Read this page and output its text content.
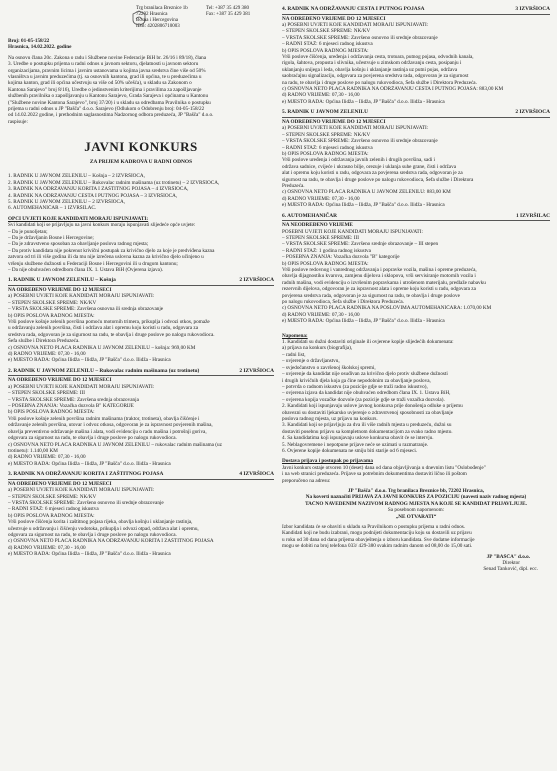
Trg branilaca Breznice 1b
72202 Hrasnica
Bosna i Hercegovina
IDB: 4202806710003
Tel: +387 35 429 380
Fax: +387 35 429 381
Broj: 01-05-158/22
Hrasnica, 14.02.2022. godine
Na osnovu člana 20c. Zakona o radu i Službene novine Federacije BiH br. 26/16 i 89/18), člana
3. Uredbe o postupku prijema u radni odnos u javnom sektoru, djelatnosti u javnom sektoru
organizacijama, pravnim licima i javnim ustanovama u kojima javna sredstva čine više od 50%
vlasništva u javnim preduzećima (tj. sa osnovnih kantona, grad ili općina, te u preduzećima u
kojima kanton, grad ili općina učestvuju sa više od 50% učešća), u skladu sa Zakonom o
Kantona Sarajevo" broj 8/16), Uredbe o jedinstvenim kriterijima i pravilima za zapošljavanje
službenih pravilnika o zapošljavanju u Kantonu Sarajevo, Grada Sarajeva i općinama u Kantonu
("Službene novine Kantona Sarajevo", broj 37/20) i u skladu sa odredbama Pravilnika o postupku
prijema u radni odnos u JP "Bašča" d.o.o. Sarajevo (Odlukom o Odobrenju broj: 04-05-158/22
od 14.02.2022 godine, i prethodnim saglasnostima Nadzornog odbora preduzeća, JP "Bašča" d.o.o.
raspisuje:
JAVNI KONKURS
ZA PRIJEM KADROVA U RADNI ODNOS
1. RADNIK U JAVNOM ZELENILU – Košnja – 2 IZVRŠIOCA,
2. RADNIK U JAVNOM ZELENILU – Rukovalac radnim mašinama (uz trotinetu) – 2 IZVRŠIOCA,
3. RADNIK NA ODRŽAVANJU KORITA I ZAŠTITNOG POJASA – 4 IZVRŠIOCA,
4. RADNIK NA ODRŽAVANJU CESTA I PUTNOG POJASA – 3 IZVRŠIOCA,
5. RADNIK U JAVNOM ZELENILU – 2 IZVRŠIOCA,
6. AUTOMEHANIČAR – 1 IZVRŠILAC.
OPĆI UVJETI KOJE KANDIDATI MORAJU ISPUNJAVATI:
Svi kandidati koji se prijavljuju na javni konkurs moraju ispunjavati slijedeće opće uvjete:
– Da je punoljetan;
– Da je državljanin Bosne i Hercegovine;
– Da je zdravstveno sposoban za obavljanje poslova radnog mjesta;
– Da protiv kandidata nije pokrenut krivični postupak za krivično djelo za koje je predviđena kazna
zatvora od tri ili više godina ili da mu nije izrečena uslovna kazna za krivično djelo učinjeno u
vršenju službene dužnosti u Federaciji Bosne i Hercegovini ili u drugom kantonu;
– Da nije obuhvaćen odredbom člana IX. 1. Ustava BiH (Ovjerena izjava).
1. RADNIK U JAVNOM ZELENILU – Košnja	2 IZVRŠIOCA
NA ODREĐENO VRIJEME DO 12 MJESECI
a) POSEBNI UVJETI KOJE KANDIDATI MORAJU ISPUNJAVATI:
– STEPEN ŠKOLSKE SPREME: NK/KV
– VRSTA ŠKOLSKE SPREME: Završena osnovna ili srednja obrazovanje
b) OPIS POSLOVA RADNOG MJESTA:
Vrši poslove košnje zelenih površina pomoću motornih trimera, prikuplja i odvozi otkos, pomaže
u održavanju zelenih površina, čisti i održava alat i opremu koju koristi u radu, odgovara za
sredstva rada, odgovoran je za sigurnost na radu, te obavlja i druge poslove po nalogu rukovodioca.
Šefa službe i Direktora Preduzeća.
c) OSNOVNA NETO PLAĆA RADNIKA U JAVNOM ZELENILU – košnja: 969,00 KM
d) RADNO VRIJEME: 07,30 - 16,00
e) MJESTO RADA: Općina Ilidža – Ilidža, JP "Bašča" d.o.o. Ilidža - Hrasnica
2. RADNIK U JAVNOM ZELENILU – Rukovalac radnim mašinama (uz trotinetu)	2 IZVRŠIOCA
NA ODREĐENO VRIJEME DO 12 MJESECI
a) POSEBNI UVJETI KOJE KANDIDATI MORAJU ISPUNJAVATI:
– STEPEN ŠKOLSKE SPREME: III
– VRSTA ŠKOLSKE SPREME: Završena srednja obrazovanja
– POSEBNA ZNANJA: Vozačka dozvola B" KATEGORIJE
b) OPIS POSLOVA RADNOG MJESTA:
Vrši poslove košnje zelenih površina radnim mašinama (traktor, trotineta), obavlja čišćenje i
održavanje zelenih površina, utovar i odvoz otkosa, odgovoran je za ispravnost povjerenih mašina,
obavlja preventivno održavanje mašina i alata, vodi evidenciju o radu mašina i potrošnji goriva,
odgovara za sigurnost na radu, te obavlja i druge poslove po nalogu rukovodioca.
c) OSNOVNA NETO PLAĆA RADNIKA U JAVNOM ZELENILU – rukovalac radnim mašinama (uz
trotinetu): 1.140,00 KM
d) RADNO VRIJEME: 07,30 - 16,00
e) MJESTO RADA: Općina Ilidža – Ilidža, JP "Bašča" d.o.o. Ilidža - Hrasnica
3. RADNIK NA ODRŽAVANJU KORITA I ZAŠTITNOG POJASA	4 IZVRŠIOCA
NA ODREĐENO VRIJEME DO 12 MJESECI
a) POSEBNI UVJETI KOJE KANDIDATI MORAJU ISPUNJAVATI:
– STEPEN ŠKOLSKE SPREME: NK/KV
– VRSTA ŠKOLSKE SPREME: Završeno osnovno ili srednje obrazovanje
– RADNI STAŽ: 6 mjeseci radnog iskustva
b) OPIS POSLOVA RADNOG MJESTA:
Vrši poslove čišćenja korita i zaštitnog pojasa rijeka, obavlja košnju i uklanjanje rastinja,
učestvuje u održavanju i čišćenju vodotoka, prikuplja i odvozi otpad, održava alat i opremu,
odgovara za sigurnost na radu, te obavlja i druge poslove po nalogu rukovodioca.
c) OSNOVNA NETO PLAĆA RADNIKA NA ODRŽAVANJU KORITA I ZAŠTITNOG POJASA
d) RADNO VRIJEME: 07,30 - 16,00
e) MJESTO RADA: Općina Ilidža – Ilidža, JP "Bašča" d.o.o. Ilidža - Hrasnica
4. RADNIK NA ODRŽAVANJU CESTA I PUTNOG POJASA	3 IZVRŠIOCA
NA ODREĐENO VRIJEME DO 12 MJESECI
a) POSEBNI UVJETI KOJE KANDIDATI MORAJU ISPUNJAVATI:
– STEPEN ŠKOLSKE SPREME: NK/KV
– VRSTA ŠKOLSKE SPREME: Završeno osnovno ili srednje obrazovanje
– RADNI STAŽ: 6 mjeseci radnog iskustva
b) OPIS POSLOVA RADNOG MJESTA:
Vrši poslove čišćenja, uređenja i održavanja cesta, trotoara, putnog pojasa, odvodnih kanala,
rigola, šahtova, propusta i slivnika, učestvuje u zimskom održavanju cesta, posipanju i
uklanjanju snijega i leda, obavlja košnju i uklanjanje rastinja uz putni pojas, održava
saobraćajnu signalizaciju, odgovara za povjerena sredstva rada, odgovoran je za sigurnost
na radu, te obavlja i druge poslove po nalogu rukovodioca, Šefa službe i Direktora Preduzeća.
c) OSNOVNA NETO PLAĆA RADNIKA NA ODRŽAVANJU CESTA I PUTNOG POJASA: 883,00 KM
d) RADNO VRIJEME: 07,30 - 16,00
e) MJESTO RADA: Općina Ilidža – Ilidža, JP "Bašča" d.o.o. Ilidža - Hrasnica
5. RADNIK U JAVNOM ZELENILU	2 IZVRŠIOCA
NA ODREĐENO VRIJEME DO 12 MJESECI
a) POSEBNI UVJETI KOJE KANDIDATI MORAJU ISPUNJAVATI:
– STEPEN ŠKOLSKE SPREME: NK/KV
– VRSTA ŠKOLSKE SPREME: Završeno osnovno ili srednje obrazovanje
– RADNI STAŽ: 6 mjeseci radnog iskustva
b) OPIS POSLOVA RADNOG MJESTA:
Vrši poslove uređenja i održavanja javnih zelenih i drugih površina, sadi i
održava sadnice, cvijeće i ukrasno bilje, orezuje i uklanja suhe grane, čisti i održava
alat i opremu koju koristi u radu, odgovara za povjerena sredstva rada, odgovoran je za
sigurnost na radu, te obavlja i druge poslove po nalogu rukovodioca, Šefa službe i Direktora
Preduzeća.
c) OSNOVNA NETO PLAĆA RADNIKA U JAVNOM ZELENILU: 883,00 KM
d) RADNO VRIJEME: 07,30 - 16,00
e) MJESTO RADA: Općina Ilidža – Ilidža, JP "Bašča" d.o.o. Ilidža - Hrasnica
6. AUTOMEHANIČAR	1 IZVRŠILAC
NA NEODREĐENO VRIJEME
POSEBNI UVJETI KOJE KANDIDATI MORAJU ISPUNJAVATI:
– STEPEN ŠKOLSKE SPREME: III
– VRSTA ŠKOLSKE SPREME: Završeno srednje obrazovanje – III stepen
– RADNI STAŽ: 1 godina radnog iskustva
– POSEBNA ZNANJA: Vozačka dozvola "B" kategorije
b) OPIS POSLOVA RADNOG MJESTA:
Vrši poslove redovnog i vanrednog održavanja i popravke vozila, mašina i opreme preduzeća,
obavlja dijagnostiku kvarova, zamjenu dijelova i sklopova, vrši servisiranje motornih vozila i
radnih mašina, vodi evidenciju o izvršenim popravkama i utrošenom materijalu, predlaže nabavku
rezervnih dijelova, odgovoran je za ispravnost alata i opreme koju koristi u radu, odgovara za
povjerena sredstva rada, odgovoran je za sigurnost na radu, te obavlja i druge poslove
po nalogu rukovodioca, Šefa službe i Direktora Preduzeća.
c) OSNOVNA NETO PLAĆA RADNIKA NA POSLOVIMA AUTOMEHANIČARA: 1.070,00 KM
d) RADNO VRIJEME: 07,30 - 16,00
e) MJESTO RADA: Općina Ilidža – Ilidža, JP "Bašča" d.o.o. Ilidža - Hrasnica
Napomena:
1. Kandidati su dužni dostaviti originale ili ovjerene kopije slijedećih dokumenata:
a) prijava na konkurs (biografija),
– radni list,
– uvjerenje o državljanstvu,
– svjedočanstvo o završenoj školskoj spremi,
– uvjerenje da kandidat nije osuđivan za krivično djelo protiv službene dužnosti
i drugih krivičnih djela koja ga čine nepodobnim za obavljanje poslova,
– potvrda o radnom iskustvu (za pozicije gdje se traži radno iskustvo),
– ovjerena izjava da kandidat nije obuhvaćen odredbom člana IX. 1. Ustava BiH,
– ovjerena kopija vozačke dozvole (za pozicije gdje se traži vozačka dozvola).
2. Kandidati koji ispunjavaju uslove javnog konkursa prije donošenja odluke o prijemu
obavezni su dostaviti ljekarsko uvjerenje o zdravstvenoj sposobnosti za obavljanje
poslova radnog mjesta, uz prijavu na konkurs.
3. Kandidati koji se prijavljuju za dva ili više radnih mjesta u preduzeću, dužni su
dostaviti posebnu prijavu sa kompletnom dokumentacijom za svako radno mjesto.
4. Sa kandidatima koji ispunjavaju uslove konkursa obavit će se intervju.
5. Neblagovremene i nepotpune prijave neće se uzimati u razmatranje.
6. Ovjerene kopije dokumenata ne smiju biti starije od 6 mjeseci.
Dostava prijava i postupak po prijavama
Javni konkurs ostaje otvoren 10 (deset) dana od dana objavljivanja u dnevnim listu "Oslobođenje"
i na web stranici preduzeća. Prijave sa potrebnim dokumentima dostaviti lično ili poštom
preporučeno na adresu:
JP "Bašča" d.o.o. Trg branilaca Breznice bb, 72202 Hrasnica,
Na koverti naznačiti PRIJAVA ZA JAVNI KONKURS ZA POZICIJU (navesti naziv radnog mjesta)
TAČNO NAVEDENIM NAZIVOM RADNOG MJESTA NA KOJE SE KANDIDAT PRIJAVLJUJE.
Sa posebnom napomenom:
„NE OTVARATI“
Izbor kandidata će se obaviti u skladu sa Pravilnikom o postupku prijema u radni odnos.
Kandidati koji ne budu izabrani, mogu podnijeti dokumentaciju koju su dostavili uz prijavu
u roku od 30 dana od dana prijema obavještenja o izboru kandidata. Sve dodatne informacije
mogu se dobiti na broj telefona 033/ 429-380 svakim radnim danom od 08,00 do 15,00 sati.
JP "BAŠČA" d.o.o.
Direktor
Senad Tanković, dipl. ecc.
